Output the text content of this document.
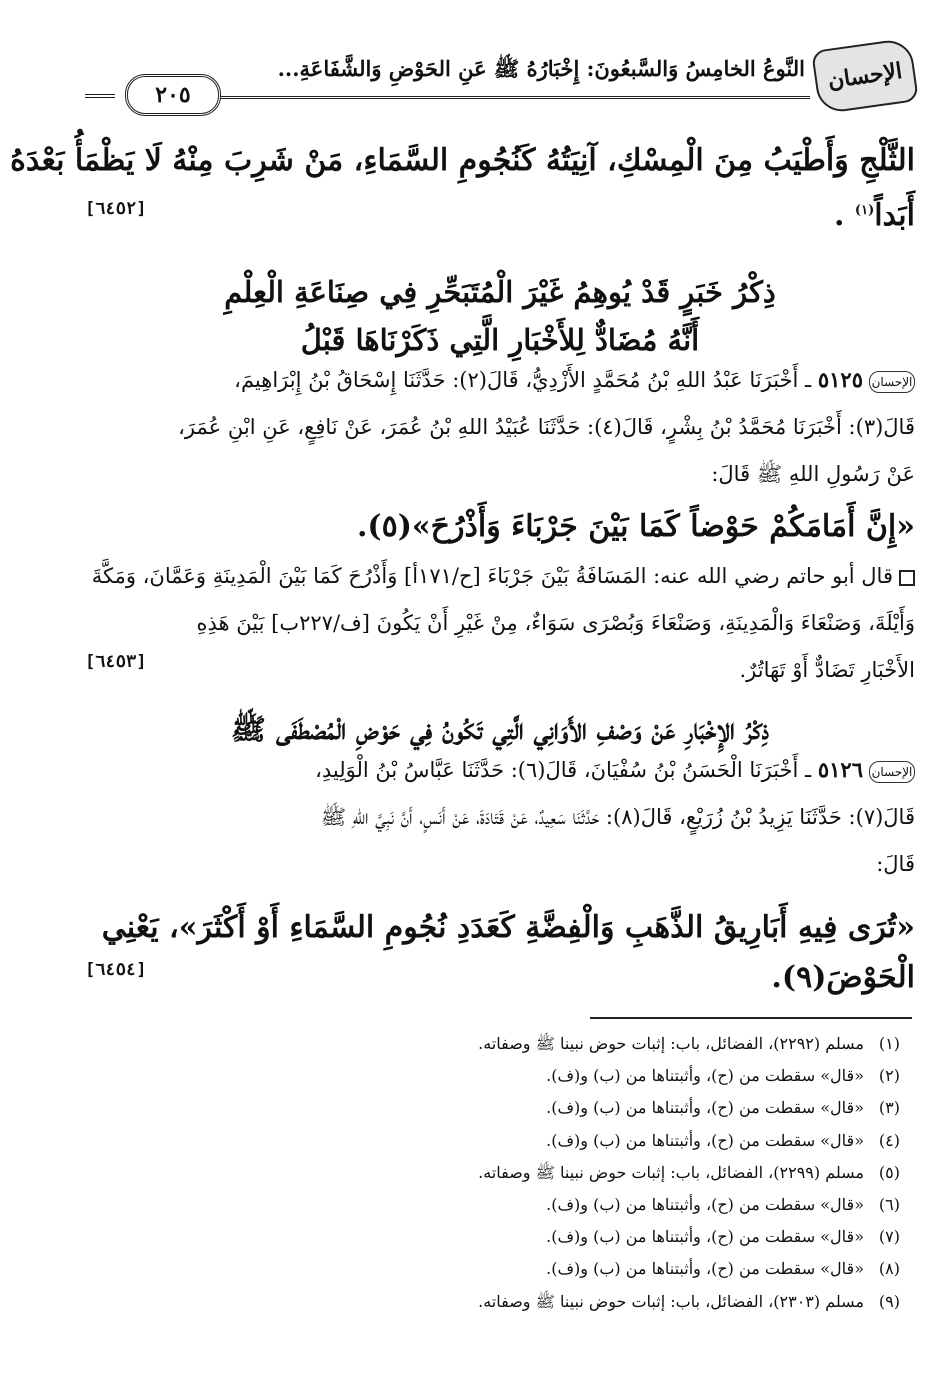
الإحسان
النَّوعُ الخامِسُ وَالسَّبعُونَ: إِخْبَارُهُ ﷺ عَنِ الحَوْضِ وَالشَّفَاعَةِ...
٢٠٥
الثَّلْجِ وَأَطْيَبُ مِنَ الْمِسْكِ، آنِيَتُهُ كَنُجُومِ السَّمَاءِ، مَنْ شَرِبَ مِنْهُ لَا يَظْمَأُ بَعْدَهُ
أَبَداً$^{(١)}$ .
[٦٤٥٢]
ذِكْرُ خَبَرٍ قَدْ يُوهِمُ غَيْرَ الْمُتَبَحِّرِ فِي صِنَاعَةِ الْعِلْمِ
أَنَّهُ مُضَادٌّ لِلأَخْبَارِ الَّتِي ذَكَرْنَاهَا قَبْلُ
الإحسان٥١٢٥ ـ أَخْبَرَنَا عَبْدُ اللهِ بْنُ مُحَمَّدٍ الأَزْدِيُّ، قَالَ(٢): حَدَّثَنَا إِسْحَاقُ بْنُ إِبْرَاهِيمَ،
قَالَ(٣): أَخْبَرَنَا مُحَمَّدُ بْنُ بِشْرٍ، قَالَ(٤): حَدَّثَنَا عُبَيْدُ اللهِ بْنُ عُمَرَ، عَنْ نَافِعٍ، عَنِ ابْنِ عُمَرَ،
عَنْ رَسُولِ اللهِ ﷺ قَالَ:
«إِنَّ أَمَامَكُمْ حَوْضاً كَمَا بَيْنَ جَرْبَاءَ وَأَذْرُحَ»(٥).
قال أبو حاتم رضي الله عنه: المَسَافَةُ بَيْنَ جَرْبَاءَ [ح/١٧١أ] وَأَذْرُحَ كَمَا بَيْنَ الْمَدِينَةِ وَعَمَّانَ، وَمَكَّةَ
وَأَيْلَةَ، وَصَنْعَاءَ وَالْمَدِينَةِ، وَصَنْعَاءَ وَبُصْرَى سَوَاءٌ، مِنْ غَيْرِ أَنْ يَكُونَ [ف/٢٢٧ب] بَيْنَ هَذِهِ
الأَخْبَارِ تَضَادٌّ أَوْ تَهَاتُرٌ.
[٦٤٥٣]
ذِكْرُ الإِخْبَارِ عَنْ وَصْفِ الأَوَانِي الَّتِي تَكُونُ فِي حَوْضِ الْمُصْطَفَى ﷺ
الإحسان٥١٢٦ ـ أَخْبَرَنَا الْحَسَنُ بْنُ سُفْيَانَ، قَالَ(٦): حَدَّثَنَا عَبَّاسُ بْنُ الْوَلِيدِ،
قَالَ(٧): حَدَّثَنَا يَزِيدُ بْنُ زُرَيْعٍ، قَالَ(٨): حَدَّثَنَا سَعِيدٌ، عَنْ قَتَادَةَ، عَنْ أَنَسٍ، أَنَّ نَبِيَّ اللهِ ﷺ
قَالَ:
«تُرَى فِيهِ أَبَارِيقُ الذَّهَبِ وَالْفِضَّةِ كَعَدَدِ نُجُومِ السَّمَاءِ أَوْ أَكْثَرَ»، يَعْنِي
الْحَوْضَ(٩).
[٦٤٥٤]
(١)مسلم (٢٢٩٢)، الفضائل، باب: إثبات حوض نبينا ﷺ وصفاته.
(٢)«قال» سقطت من (ح)، وأثبتناها من (ب) و(ف).
(٣)«قال» سقطت من (ح)، وأثبتناها من (ب) و(ف).
(٤)«قال» سقطت من (ح)، وأثبتناها من (ب) و(ف).
(٥)مسلم (٢٢٩٩)، الفضائل، باب: إثبات حوض نبينا ﷺ وصفاته.
(٦)«قال» سقطت من (ح)، وأثبتناها من (ب) و(ف).
(٧)«قال» سقطت من (ح)، وأثبتناها من (ب) و(ف).
(٨)«قال» سقطت من (ح)، وأثبتناها من (ب) و(ف).
(٩)مسلم (٢٣٠٣)، الفضائل، باب: إثبات حوض نبينا ﷺ وصفاته.
